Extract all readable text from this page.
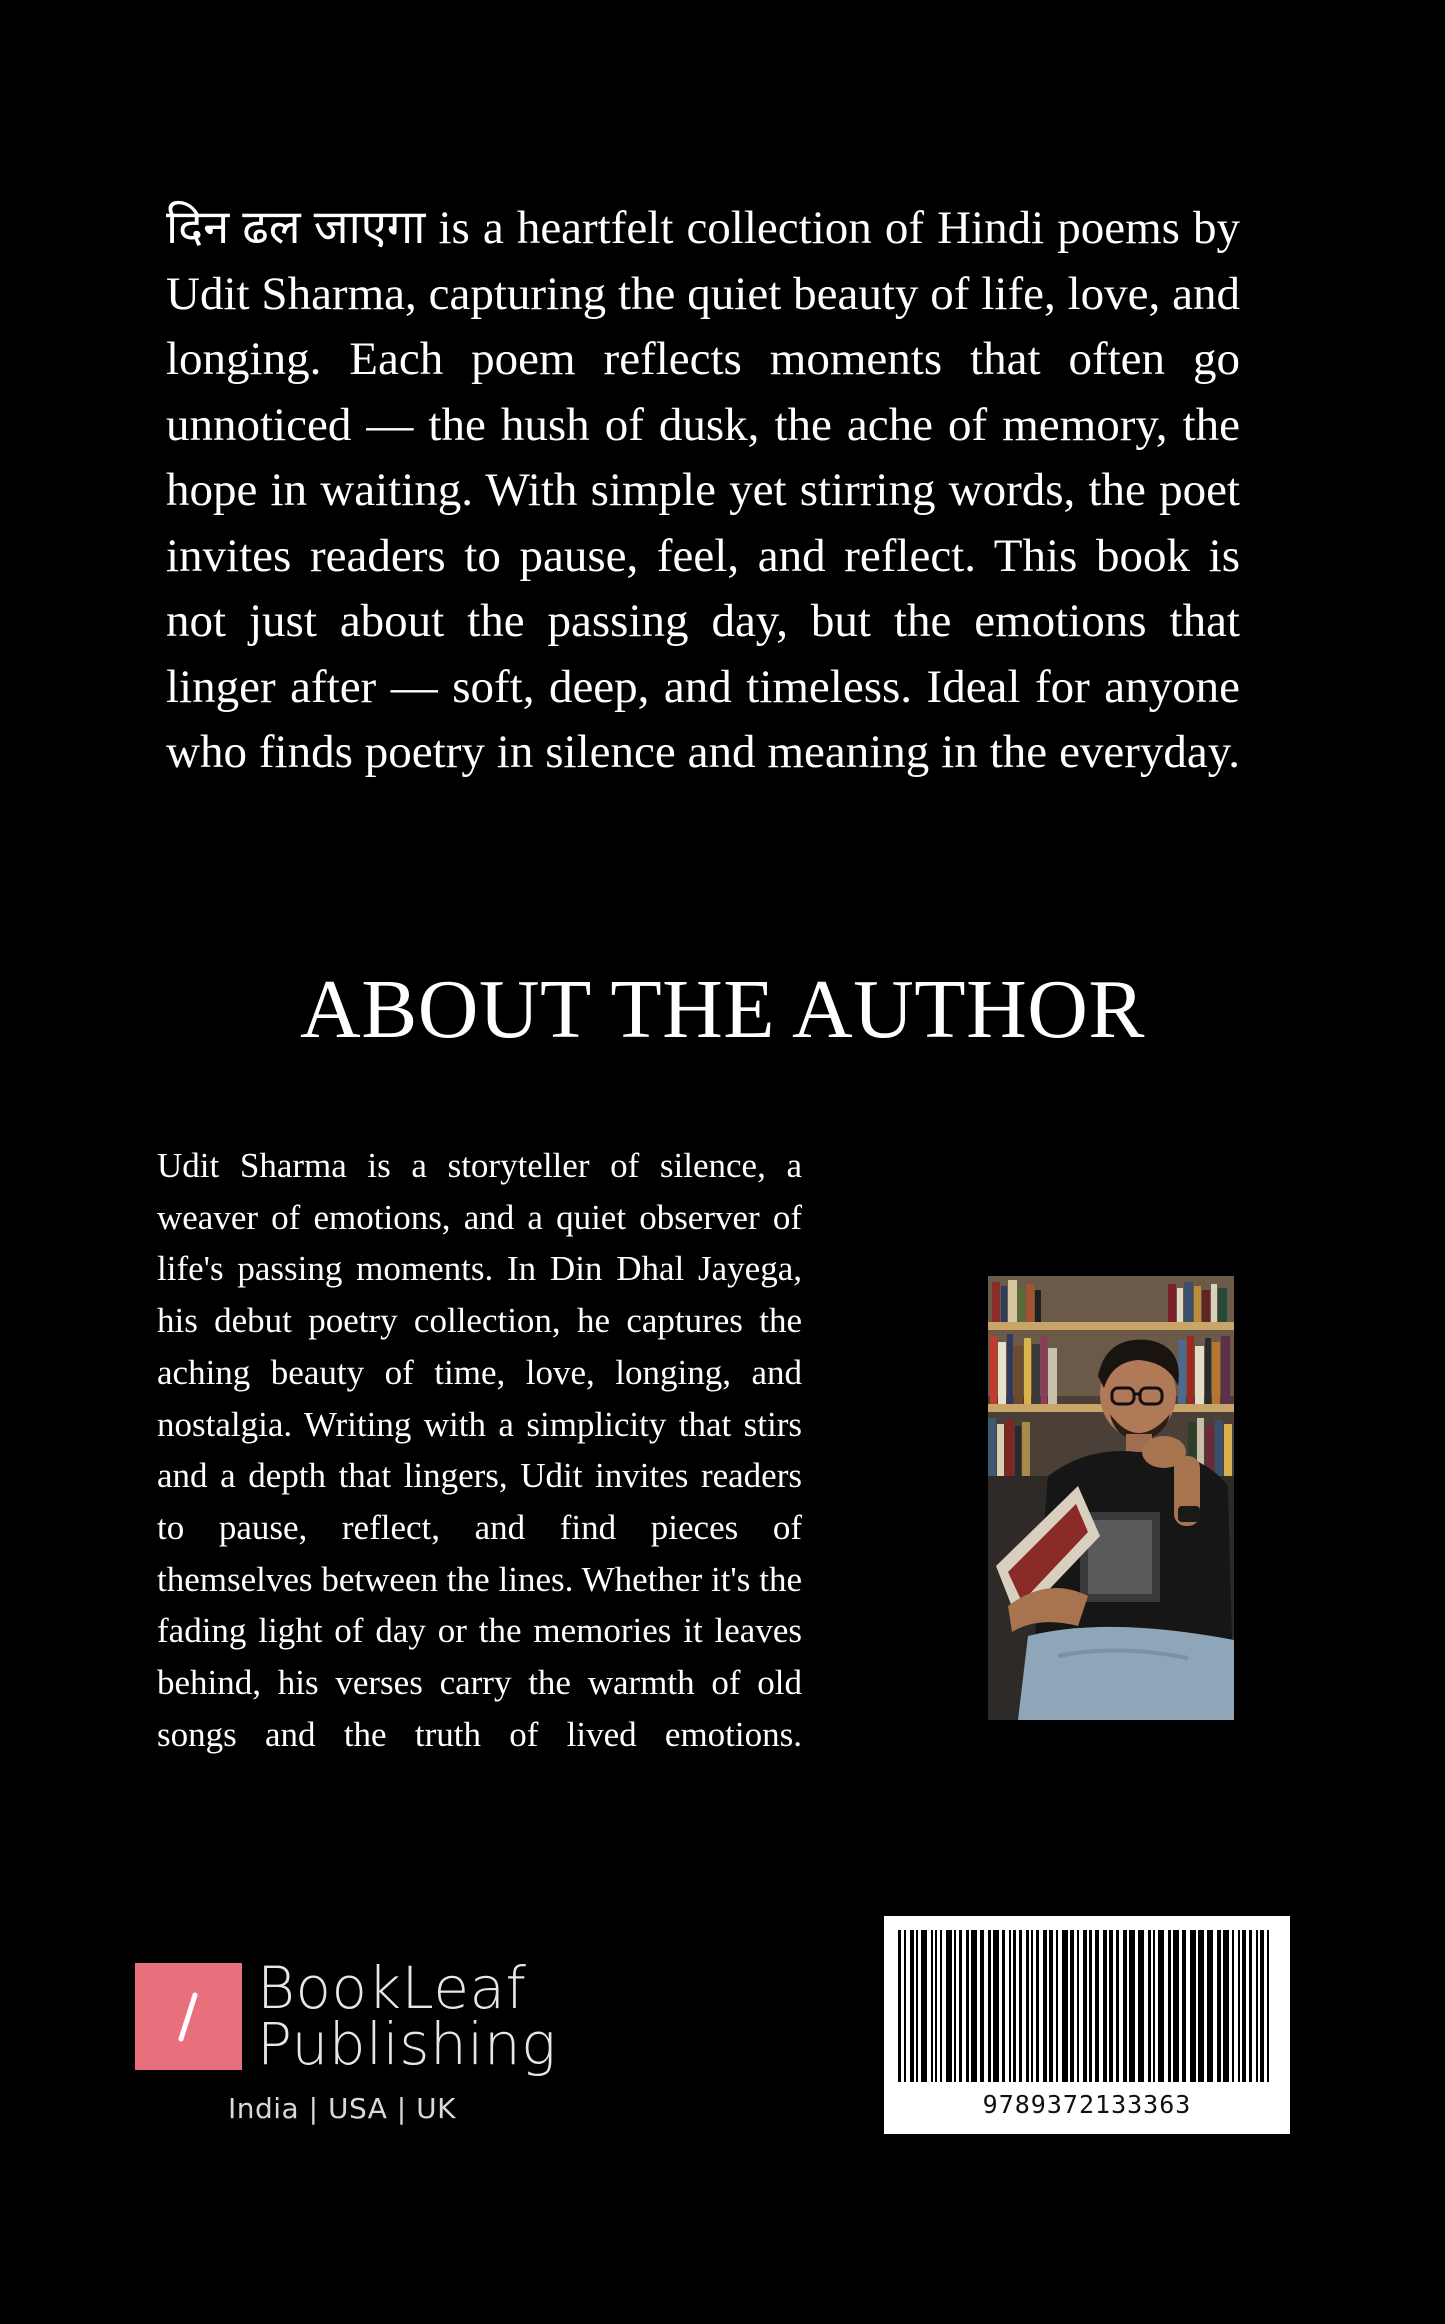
दिन ढल जाएगा is a heartfelt collection of Hindi poems by Udit Sharma, capturing the quiet beauty of life, love, and longing. Each poem reflects moments that often go unnoticed — the hush of dusk, the ache of memory, the hope in waiting. With simple yet stirring words, the poet invites readers to pause, feel, and reflect. This book is not just about the passing day, but the emotions that linger after — soft, deep, and timeless. Ideal for anyone who finds poetry in silence and meaning in the everyday.

ABOUT THE AUTHOR

Udit Sharma is a storyteller of silence, a weaver of emotions, and a quiet observer of life's passing moments. In Din Dhal Jayega, his debut poetry collection, he captures the aching beauty of time, love, longing, and nostalgia. Writing with a simplicity that stirs and a depth that lingers, Udit invites readers to pause, reflect, and find pieces of themselves between the lines. Whether it's the fading light of day or the memories it leaves behind, his verses carry the warmth of old songs and the truth of lived emotions.

BookLeaf
Publishing
India | USA | UK	9789372133363
